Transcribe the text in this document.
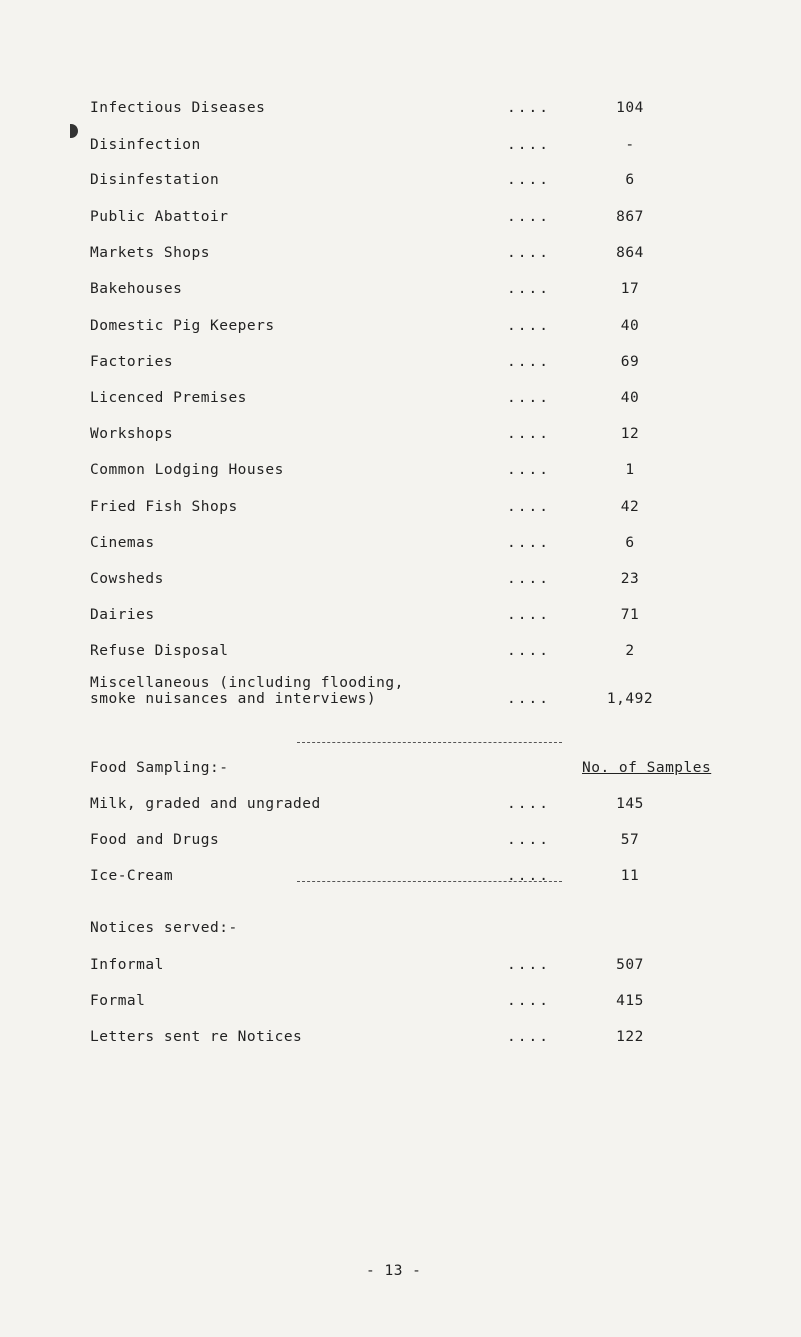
Infectious Diseases	....	104
Disinfection	....	-
Disinfestation	....	6
Public Abattoir	....	867
Markets Shops	....	864
Bakehouses	....	17
Domestic Pig Keepers	....	40
Factories	....	69
Licenced Premises	....	40
Workshops	....	12
Common Lodging Houses	....	1
Fried Fish Shops	....	42
Cinemas	....	6
Cowsheds	....	23
Dairies	....	71
Refuse Disposal	....	2
Miscellaneous (including flooding,
smoke nuisances and interviews)	....	1,492
Food Sampling:-	No. of Samples
Milk, graded and ungraded	....	145
Food and Drugs	....	57
Ice-Cream	....	11
Notices served:-
Informal	....	507
Formal	....	415
Letters sent re Notices	....	122
- 13 -
